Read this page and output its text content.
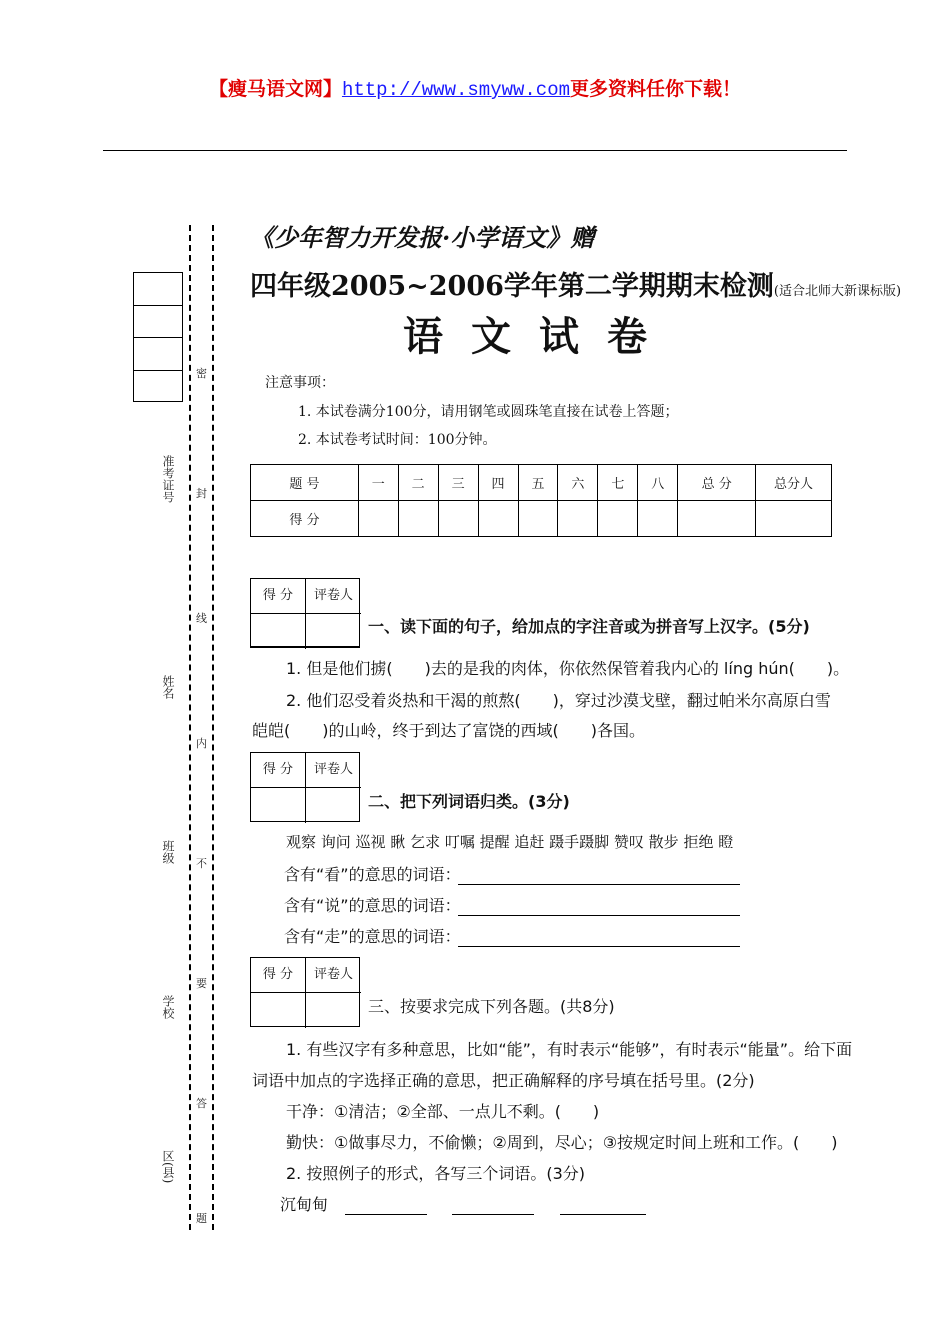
【瘦马语文网】http://www.smyww.com更多资料任你下载！
准考证号
姓名
班级
学校
区(县)
密
封
线
内
不
要
答
题
《少年智力开发报·小学语文》赠
四年级2005~2006学年第二学期期末检测(适合北师大新课标版)
语文试卷
注意事项：
1. 本试卷满分100分，请用钢笔或圆珠笔直接在试卷上答题；
2. 本试卷考试时间：100分钟。
题 号	一	二	三	四	五	六	七	八	总 分	总分人
得 分										
得 分	评卷人
一、读下面的句子，给加点的字注音或为拼音写上汉字。(5分)
1. 但是他们掳(　　)去的是我的肉体，你依然保管着我内心的 líng hún(　　)。
2. 他们忍受着炎热和干渴的煎熬(　　)，穿过沙漠戈壁，翻过帕米尔高原白雪
皑皑(　　)的山岭，终于到达了富饶的西域(　　)各国。
得 分	评卷人
二、把下列词语归类。(3分)
观察 询问 巡视 瞅 乞求 叮嘱 提醒 追赶 蹑手蹑脚 赞叹 散步 拒绝 瞪
含有“看”的意思的词语：
含有“说”的意思的词语：
含有“走”的意思的词语：
得 分	评卷人
三、按要求完成下列各题。(共8分)
1. 有些汉字有多种意思，比如“能”，有时表示“能够”，有时表示“能量”。给下面
词语中加点的字选择正确的意思，把正确解释的序号填在括号里。(2分)
干净：①清洁；②全部、一点儿不剩。(　　)
勤快：①做事尽力，不偷懒；②周到，尽心；③按规定时间上班和工作。(　　)
2. 按照例子的形式，各写三个词语。(3分)
沉甸甸
